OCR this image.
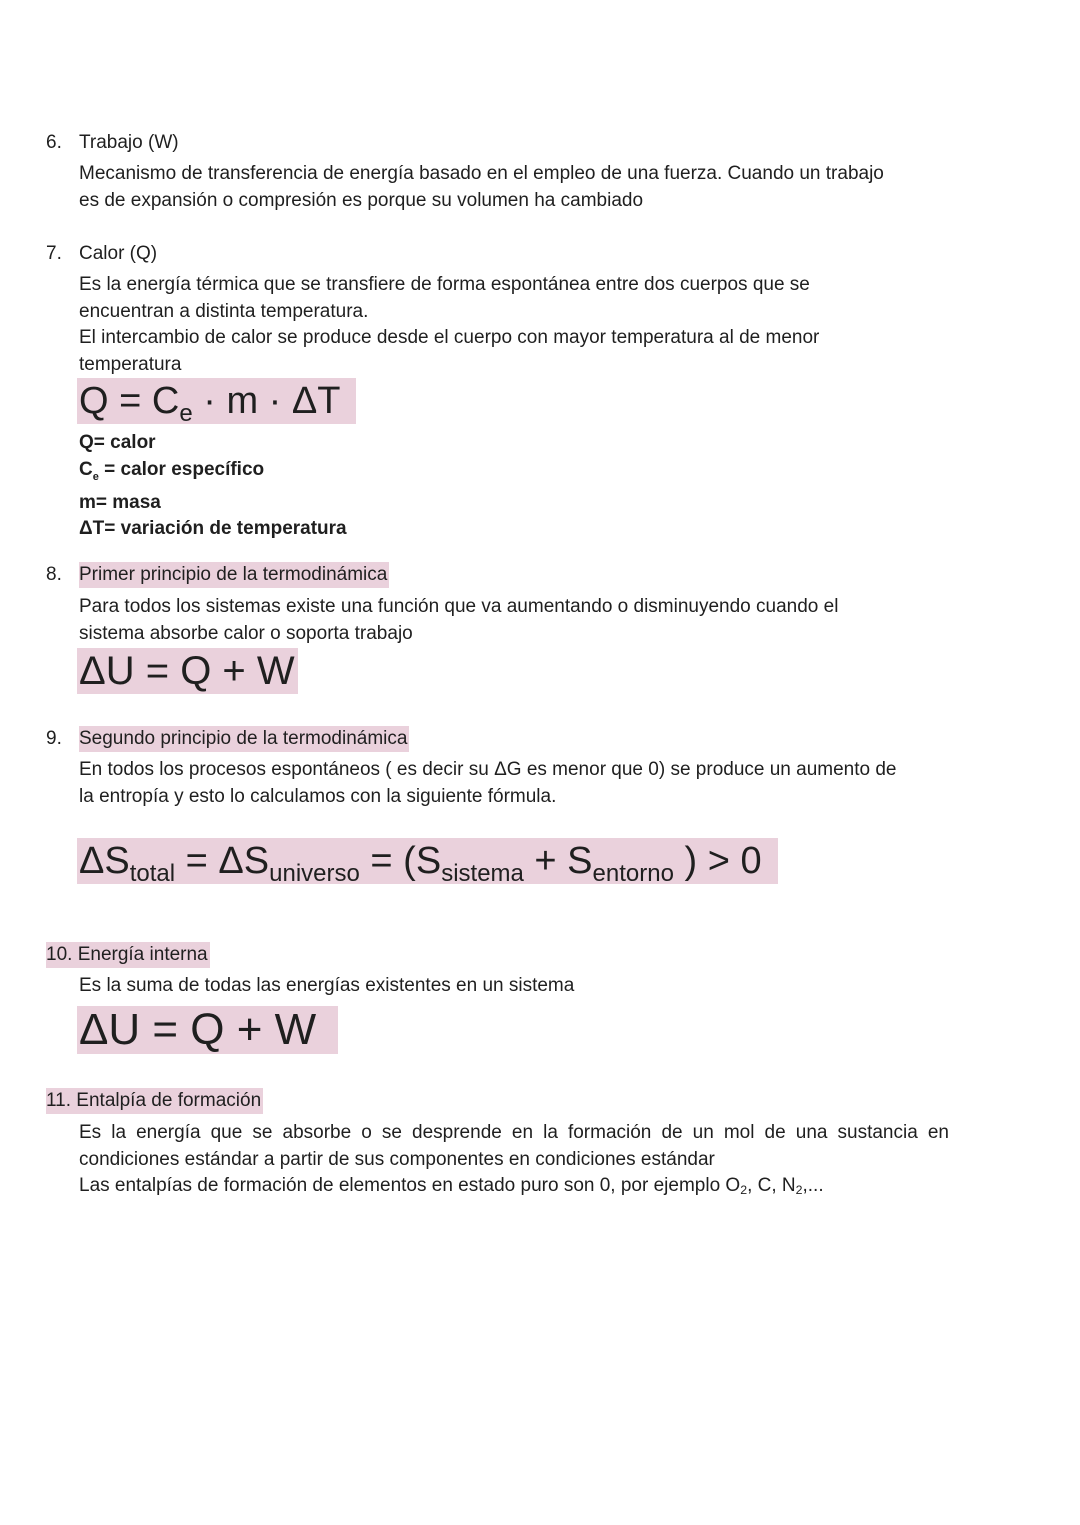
6. Trabajo (W)
Mecanismo de transferencia de energía basado en el empleo de una fuerza. Cuando un trabajo
es de expansión o compresión es porque su volumen ha cambiado
7. Calor (Q)
Es la energía térmica que se transfiere de forma espontánea entre dos cuerpos que se
encuentran a distinta temperatura.
El intercambio de calor se produce desde el cuerpo con mayor temperatura al de menor
temperatura
$Q = C_e \cdot m \cdot \Delta T$
Q= calor
$C_e$ = calor específico
m= masa
ΔT= variación de temperatura
8. Primer principio de la termodinámica
Para todos los sistemas existe una función que va aumentando o disminuyendo cuando el
sistema absorbe calor o soporta trabajo
ΔU = Q + W
9. Segundo principio de la termodinámica
En todos los procesos espontáneos ( es decir su ΔG es menor que 0) se produce un aumento de
la entropía y esto lo calculamos con la siguiente fórmula.
$\Delta S_{total} = \Delta S_{universo} = (S_{sistema} + S_{entorno}$ ) > 0
10. Energía interna
Es la suma de todas las energías existentes en un sistema
ΔU = Q + W
11. Entalpía de formación
Es la energía que se absorbe o se desprende en la formación de un mol de una sustancia en
condiciones estándar a partir de sus componentes en condiciones estándar
Las entalpías de formación de elementos en estado puro son 0, por ejemplo $O_2$, C, $N_2$,...
